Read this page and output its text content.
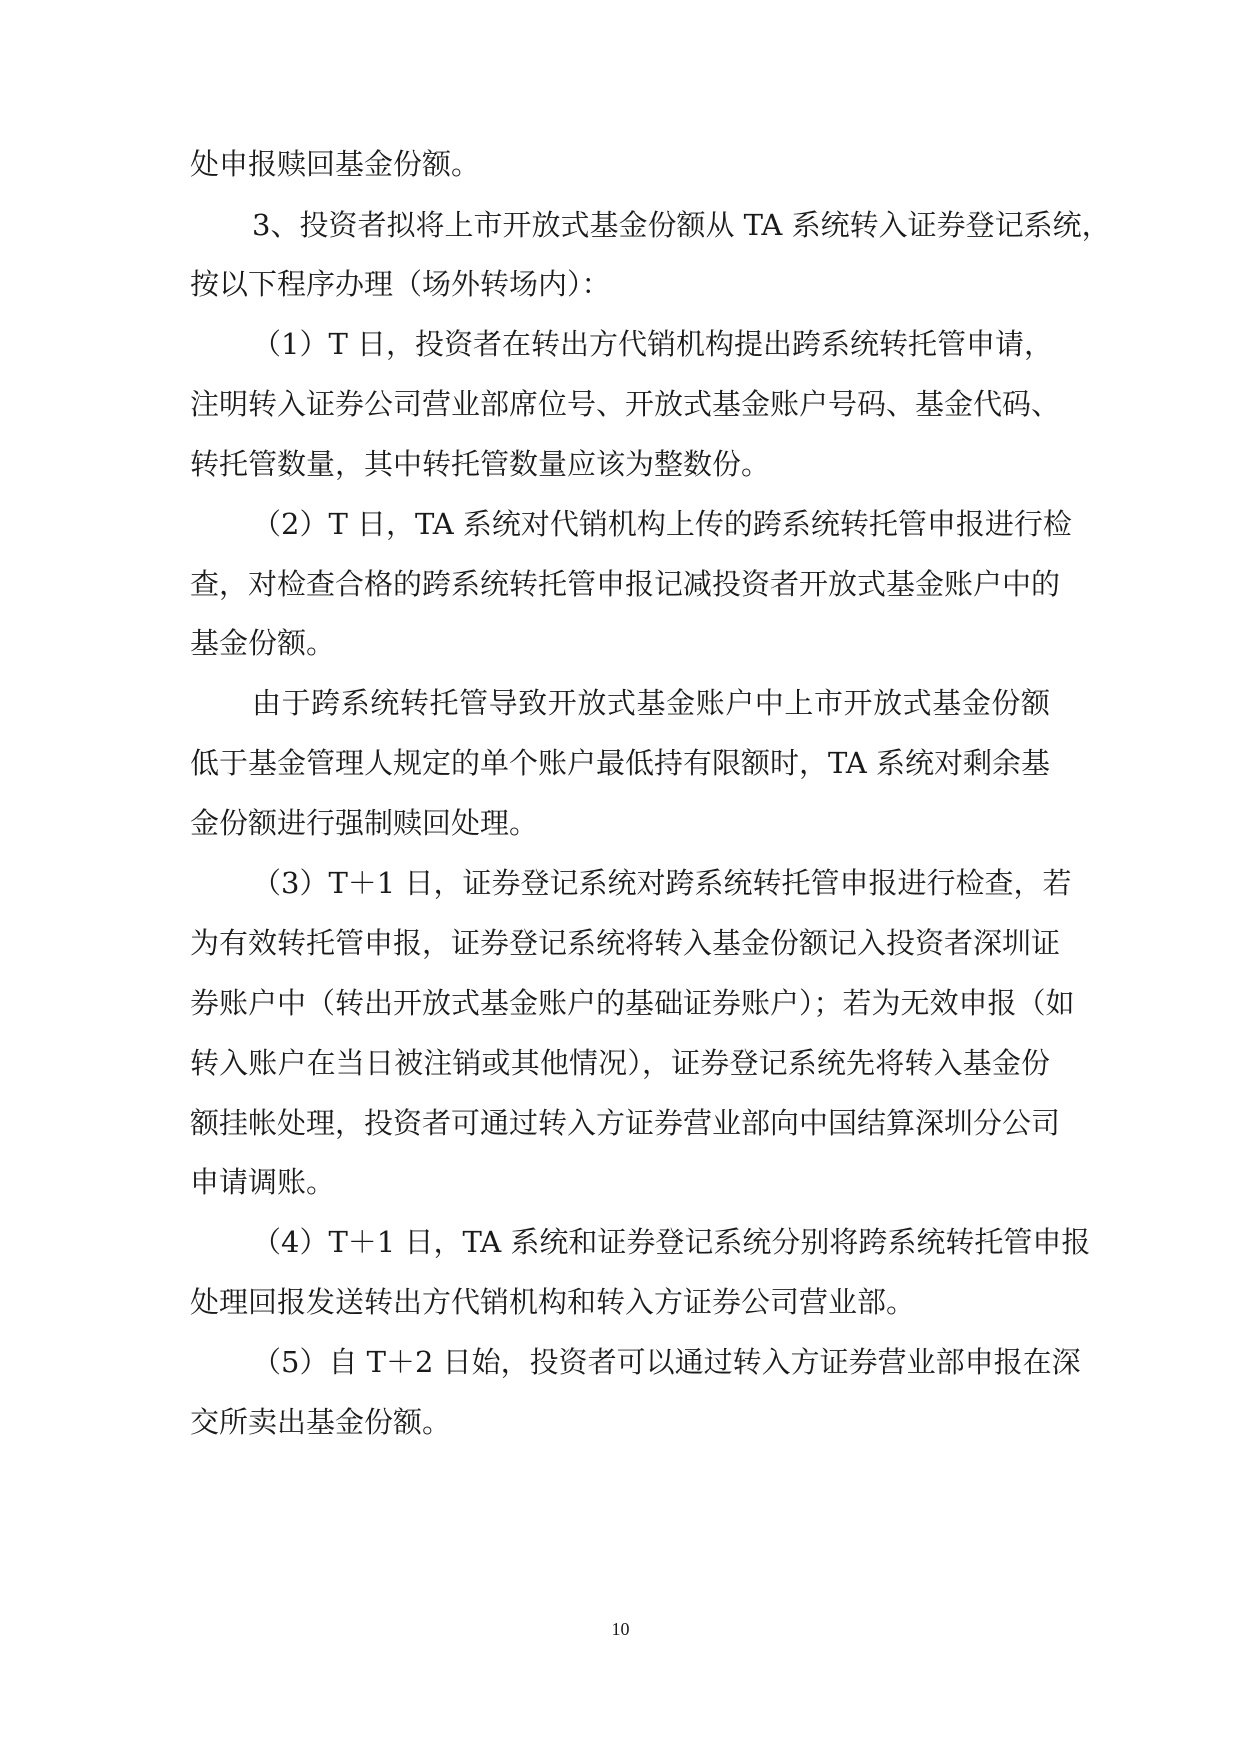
处申报赎回基金份额。
3、投资者拟将上市开放式基金份额从 TA 系统转入证券登记系统，
按以下程序办理（场外转场内）：
（1）T 日，投资者在转出方代销机构提出跨系统转托管申请，
注明转入证券公司营业部席位号、开放式基金账户号码、基金代码、
转托管数量，其中转托管数量应该为整数份。
（2）T 日，TA 系统对代销机构上传的跨系统转托管申报进行检
查，对检查合格的跨系统转托管申报记减投资者开放式基金账户中的
基金份额。
由于跨系统转托管导致开放式基金账户中上市开放式基金份额
低于基金管理人规定的单个账户最低持有限额时，TA 系统对剩余基
金份额进行强制赎回处理。
（3）T＋1 日，证券登记系统对跨系统转托管申报进行检查，若
为有效转托管申报，证券登记系统将转入基金份额记入投资者深圳证
券账户中（转出开放式基金账户的基础证券账户）；若为无效申报（如
转入账户在当日被注销或其他情况），证券登记系统先将转入基金份
额挂帐处理，投资者可通过转入方证券营业部向中国结算深圳分公司
申请调账。
（4）T＋1 日，TA 系统和证券登记系统分别将跨系统转托管申报
处理回报发送转出方代销机构和转入方证券公司营业部。
（5）自 T＋2 日始，投资者可以通过转入方证券营业部申报在深
交所卖出基金份额。
10
